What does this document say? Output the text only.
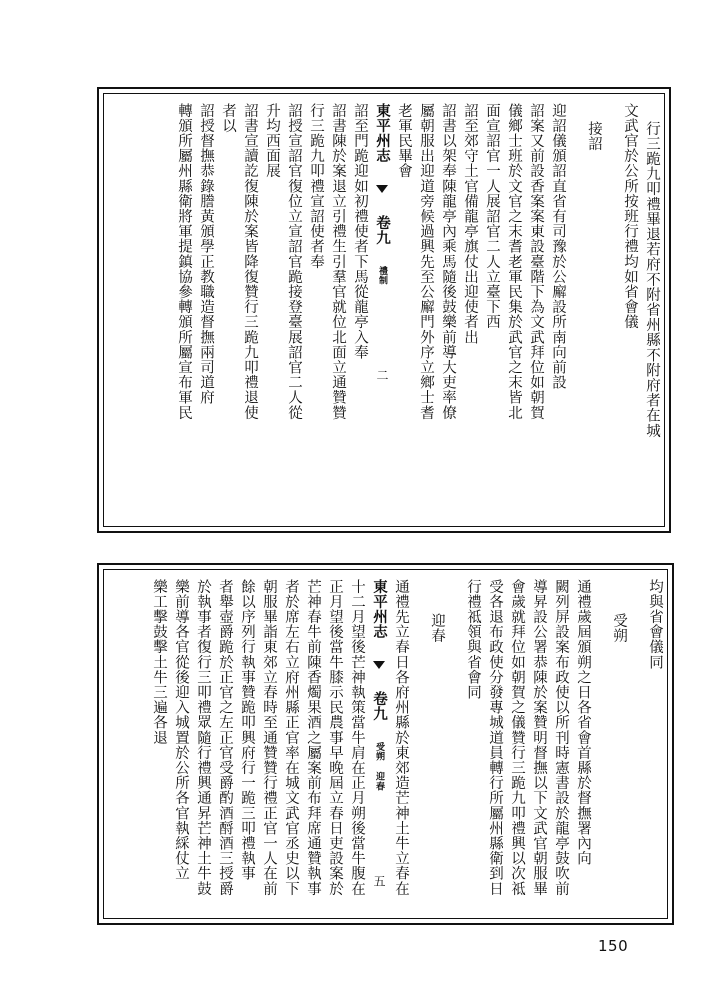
行三跪九叩禮畢退若府不附省州縣不附府者在城
文武官於公所按班行禮均如省會儀
接詔
迎詔儀頒詔直省有司豫於公廨設所南向前設
詔案又前設香案案東設臺階下為文武拜位如朝賀
儀鄉士班於文官之末耆老軍民集於武官之末皆北
面宣詔官一人展詔官二人立臺下西
詔至郊守土官備龍亭旗仗出迎使者出
詔書以架奉陳龍亭內乘馬隨後鼓樂前導大吏率僚
屬朝服出迎道旁候過興先至公廨門外序立鄉士耆
老軍民畢會
東平州志  卷九 禮制 二
詔至門跪迎如初禮使者下馬從龍亭入奉
詔書陳於案退立引禮生引羣官就位北面立通贊贊
行三跪九叩禮宣詔使者奉
詔授宣詔官復位立宣詔官跪接登臺展詔官二人從
升均西面展
詔書宣讀訖復陳於案皆降復贊行三跪九叩禮退使
者以
詔授督撫恭錄謄黃頒學正教職造督撫兩司道府
轉頒所屬州縣衛將軍提鎮協參轉頒所屬宣布軍民
均與省會儀同
受朔
通禮歲屆頒朔之日各省會首縣於督撫署內向
闕列屏設案布政使以所刊時憲書設於龍亭鼓吹前
導昇設公署恭陳於案贊明督撫以下文武官朝服畢
會歲就拜位如朝賀之儀贊行三跪九叩禮興以次祗
受各退布政使分發專城道員轉行所屬州縣衛到日
行禮祗領與省會同
迎春
通禮先立春日各府州縣於東郊造芒神土牛立春在
東平州志  卷九 受朔 迎春 五
十二月望後芒神執策當牛肩在正月朔後當牛腹在
正月望後當牛膝示民農事早晚屆立春日吏設案於
芒神春牛前陳香燭果酒之屬案前布拜席通贊執事
者於席左右立府州縣正官率在城文武官丞史以下
朝服畢詣東郊立春時至通贊贊行禮正官一人在前
餘以序列行執事贊跪叩興府行一跪三叩禮執事
者舉壺爵跪於正官之左正官受爵酌酒酹酒三授爵
於執事者復行三叩禮眾隨行禮興通昇芒神土牛鼓
樂前導各官從後迎入城置於公所各官執綵仗立
樂工擊鼓擊土牛三遍各退
150
